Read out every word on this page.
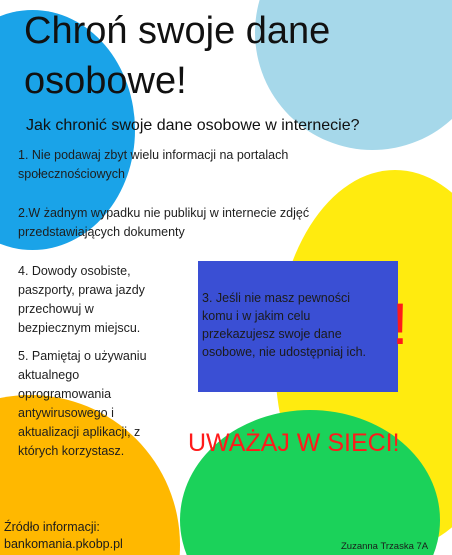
Chroń swoje dane
osobowe!
Jak chronić swoje dane osobowe w internecie?
1. Nie podawaj zbyt wielu informacji na portalach
społecznościowych
2.W żadnym wypadku nie publikuj w internecie zdjęć
przedstawiających dokumenty
4. Dowody osobiste,
paszporty, prawa jazdy
przechowuj w
bezpiecznym miejscu.
5. Pamiętaj o używaniu
aktualnego
oprogramowania
antywirusowego i
aktualizacji aplikacji, z
których korzystasz.
3. Jeśli nie masz pewności
komu i w jakim celu
przekazujesz swoje dane
osobowe, nie udostępniaj ich. !
UWAŻAJ W SIECI!
Źródło informacji:
bankomania.pkobp.pl	Zuzanna Trzaska 7A
